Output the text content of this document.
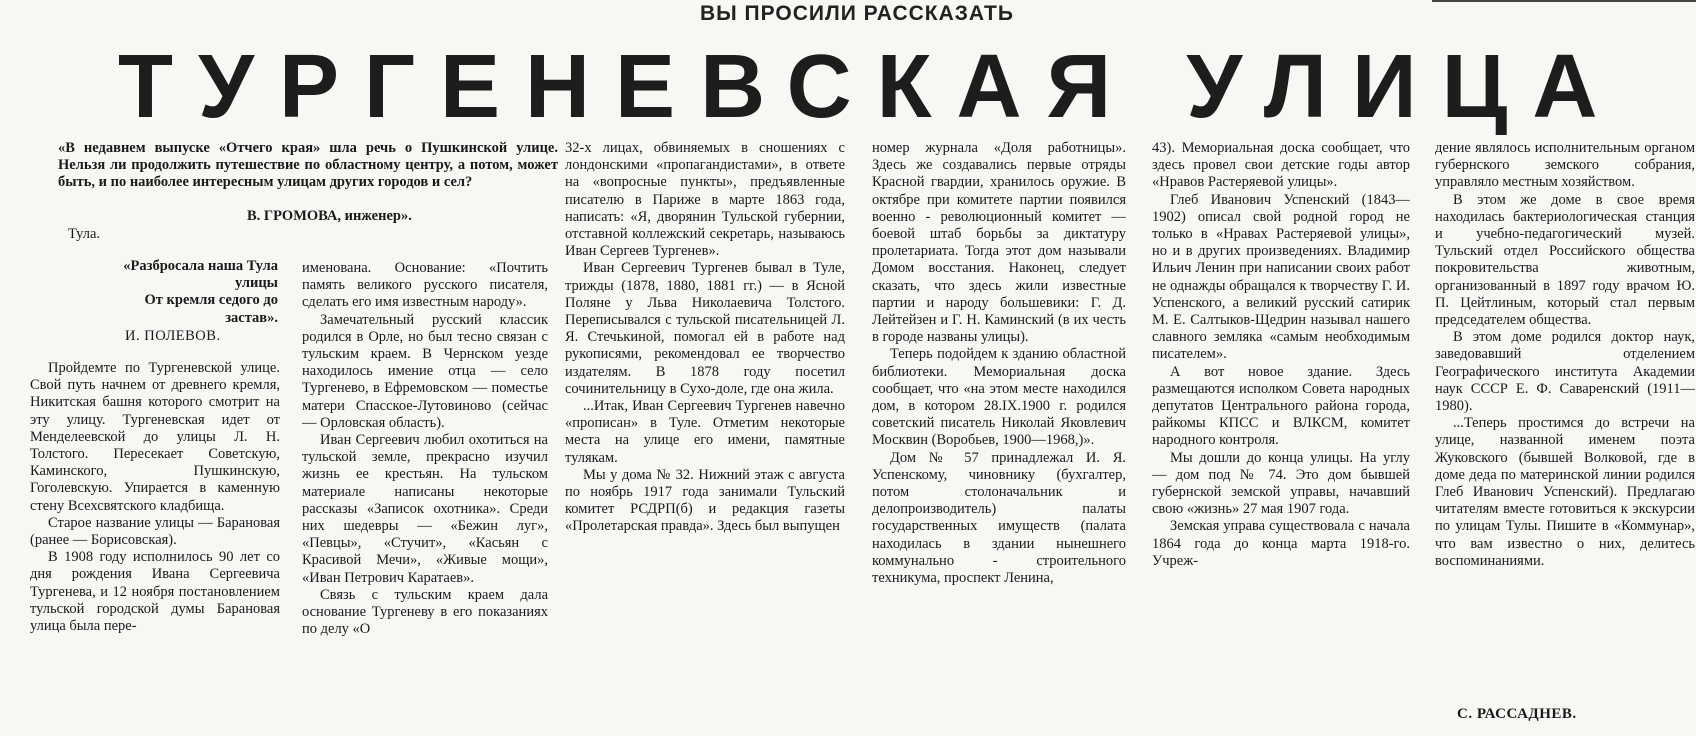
ВЫ ПРОСИЛИ РАССКАЗАТЬ
ТУРГЕНЕВСКАЯ УЛИЦА
«В недавнем выпуске «Отчего края» шла речь о Пушкинской улице. Нельзя ли продолжить путешествие по областному центру, а потом, может быть, и по наиболее интересным улицам других городов и сел?
В. ГРОМОВА, инженер».
Тула.
«Разбросала наша Тула
улицы
От кремля седого до
застав».
И. ПОЛЕВОВ.

Пройдемте по Тургеневской улице. Свой путь начнем от древнего кремля, Никитская башня которого смотрит на эту улицу. Тургеневская идет от Менделеевской до улицы Л. Н. Толстого. Пересекает Советскую, Каминского, Пушкинскую, Гоголевскую. Упирается в каменную стену Всехсвятского кладбища.

Старое название улицы — Барановая (ранее — Борисовская).

В 1908 году исполнилось 90 лет со дня рождения Ивана Сергеевича Тургенева, и 12 ноября постановлением тульской городской думы Барановая улица была пере-

именована. Основание: «Почтить память великого русского писателя, сделать его имя известным народу».

Замечательный русский классик родился в Орле, но был тесно связан с тульским краем. В Чернском уезде находилось имение отца — село Тургенево, в Ефремовском — поместье матери Спасское-Лутовиново (сейчас — Орловская область).

Иван Сергеевич любил охотиться на тульской земле, прекрасно изучил жизнь ее крестьян. На тульском материале написаны некоторые рассказы «Записок охотника». Среди них шедевры — «Бежин луг», «Певцы», «Стучит», «Касьян с Красивой Мечи», «Живые мощи», «Иван Петрович Каратаев».

Связь с тульским краем дала основание Тургеневу в его показаниях по делу «О

32-х лицах, обвиняемых в сношениях с лондонскими «пропагандистами», в ответе на «вопросные пункты», предъявленные писателю в Париже в марте 1863 года, написать: «Я, дворянин Тульской губернии, отставной коллежский секретарь, называюсь Иван Сергеев Тургенев».

Иван Сергеевич Тургенев бывал в Туле, трижды (1878, 1880, 1881 гг.) — в Ясной Поляне у Льва Николаевича Толстого. Переписывался с тульской писательницей Л. Я. Стечькиной, помогал ей в работе над рукописями, рекомендовал ее творчество издателям. В 1878 году посетил сочинительницу в Сухо-доле, где она жила.

...Итак, Иван Сергеевич Тургенев навечно «прописан» в Туле. Отметим некоторые места на улице его имени, памятные тулякам.

Мы у дома № 32. Нижний этаж с августа по ноябрь 1917 года занимали Тульский комитет РСДРП(б) и редакция газеты «Пролетарская правда». Здесь был выпущен

номер журнала «Доля работницы». Здесь же создавались первые отряды Красной гвардии, хранилось оружие. В октябре при комитете партии появился военно - революционный комитет — боевой штаб борьбы за диктатуру пролетариата. Тогда этот дом называли Домом восстания. Наконец, следует сказать, что здесь жили известные партии и народу большевики: Г. Д. Лейтейзен и Г. Н. Каминский (в их честь в городе названы улицы).

Теперь подойдем к зданию областной библиотеки. Мемориальная доска сообщает, что «на этом месте находился дом, в котором 28.IX.1900 г. родился советский писатель Николай Яковлевич Москвин (Воробьев, 1900—1968,)».

Дом № 57 принадлежал И. Я. Успенскому, чиновнику (бухгалтер, потом столоначальник и делопроизводитель) палаты государственных имуществ (палата находилась в здании нынешнего коммунально - строительного техникума, проспект Ленина,

43). Мемориальная доска сообщает, что здесь провел свои детские годы автор «Нравов Растеряевой улицы».

Глеб Иванович Успенский (1843—1902) описал свой родной город не только в «Нравах Растеряевой улицы», но и в других произведениях. Владимир Ильич Ленин при написании своих работ не однажды обращался к творчеству Г. И. Успенского, а великий русский сатирик М. Е. Салтыков-Щедрин называл нашего славного земляка «самым необходимым писателем».

А вот новое здание. Здесь размещаются исполком Совета народных депутатов Центрального района города, райкомы КПСС и ВЛКСМ, комитет народного контроля.

Мы дошли до конца улицы. На углу — дом под № 74. Это дом бывшей губернской земской управы, начавший свою «жизнь» 27 мая 1907 года.

Земская управа существовала с начала 1864 года до конца марта 1918-го. Учреж-

дение являлось исполнительным органом губернского земского собрания, управляло местным хозяйством.

В этом же доме в свое время находилась бактериологическая станция и учебно-педагогический музей. Тульский отдел Российского общества покровительства животным, организованный в 1897 году врачом Ю. П. Цейтлиным, который стал первым председателем общества.

В этом доме родился доктор наук, заведовавший отделением Географического института Академии наук СССР Е. Ф. Саваренский (1911—1980).

...Теперь простимся до встречи на улице, названной именем поэта Жуковского (бывшей Волковой, где в доме деда по материнской линии родился Глеб Иванович Успенский). Предлагаю читателям вместе готовиться к экскурсии по улицам Тулы. Пишите в «Коммунар», что вам известно о них, делитесь воспоминаниями.

С. РАССАДНЕВ.
